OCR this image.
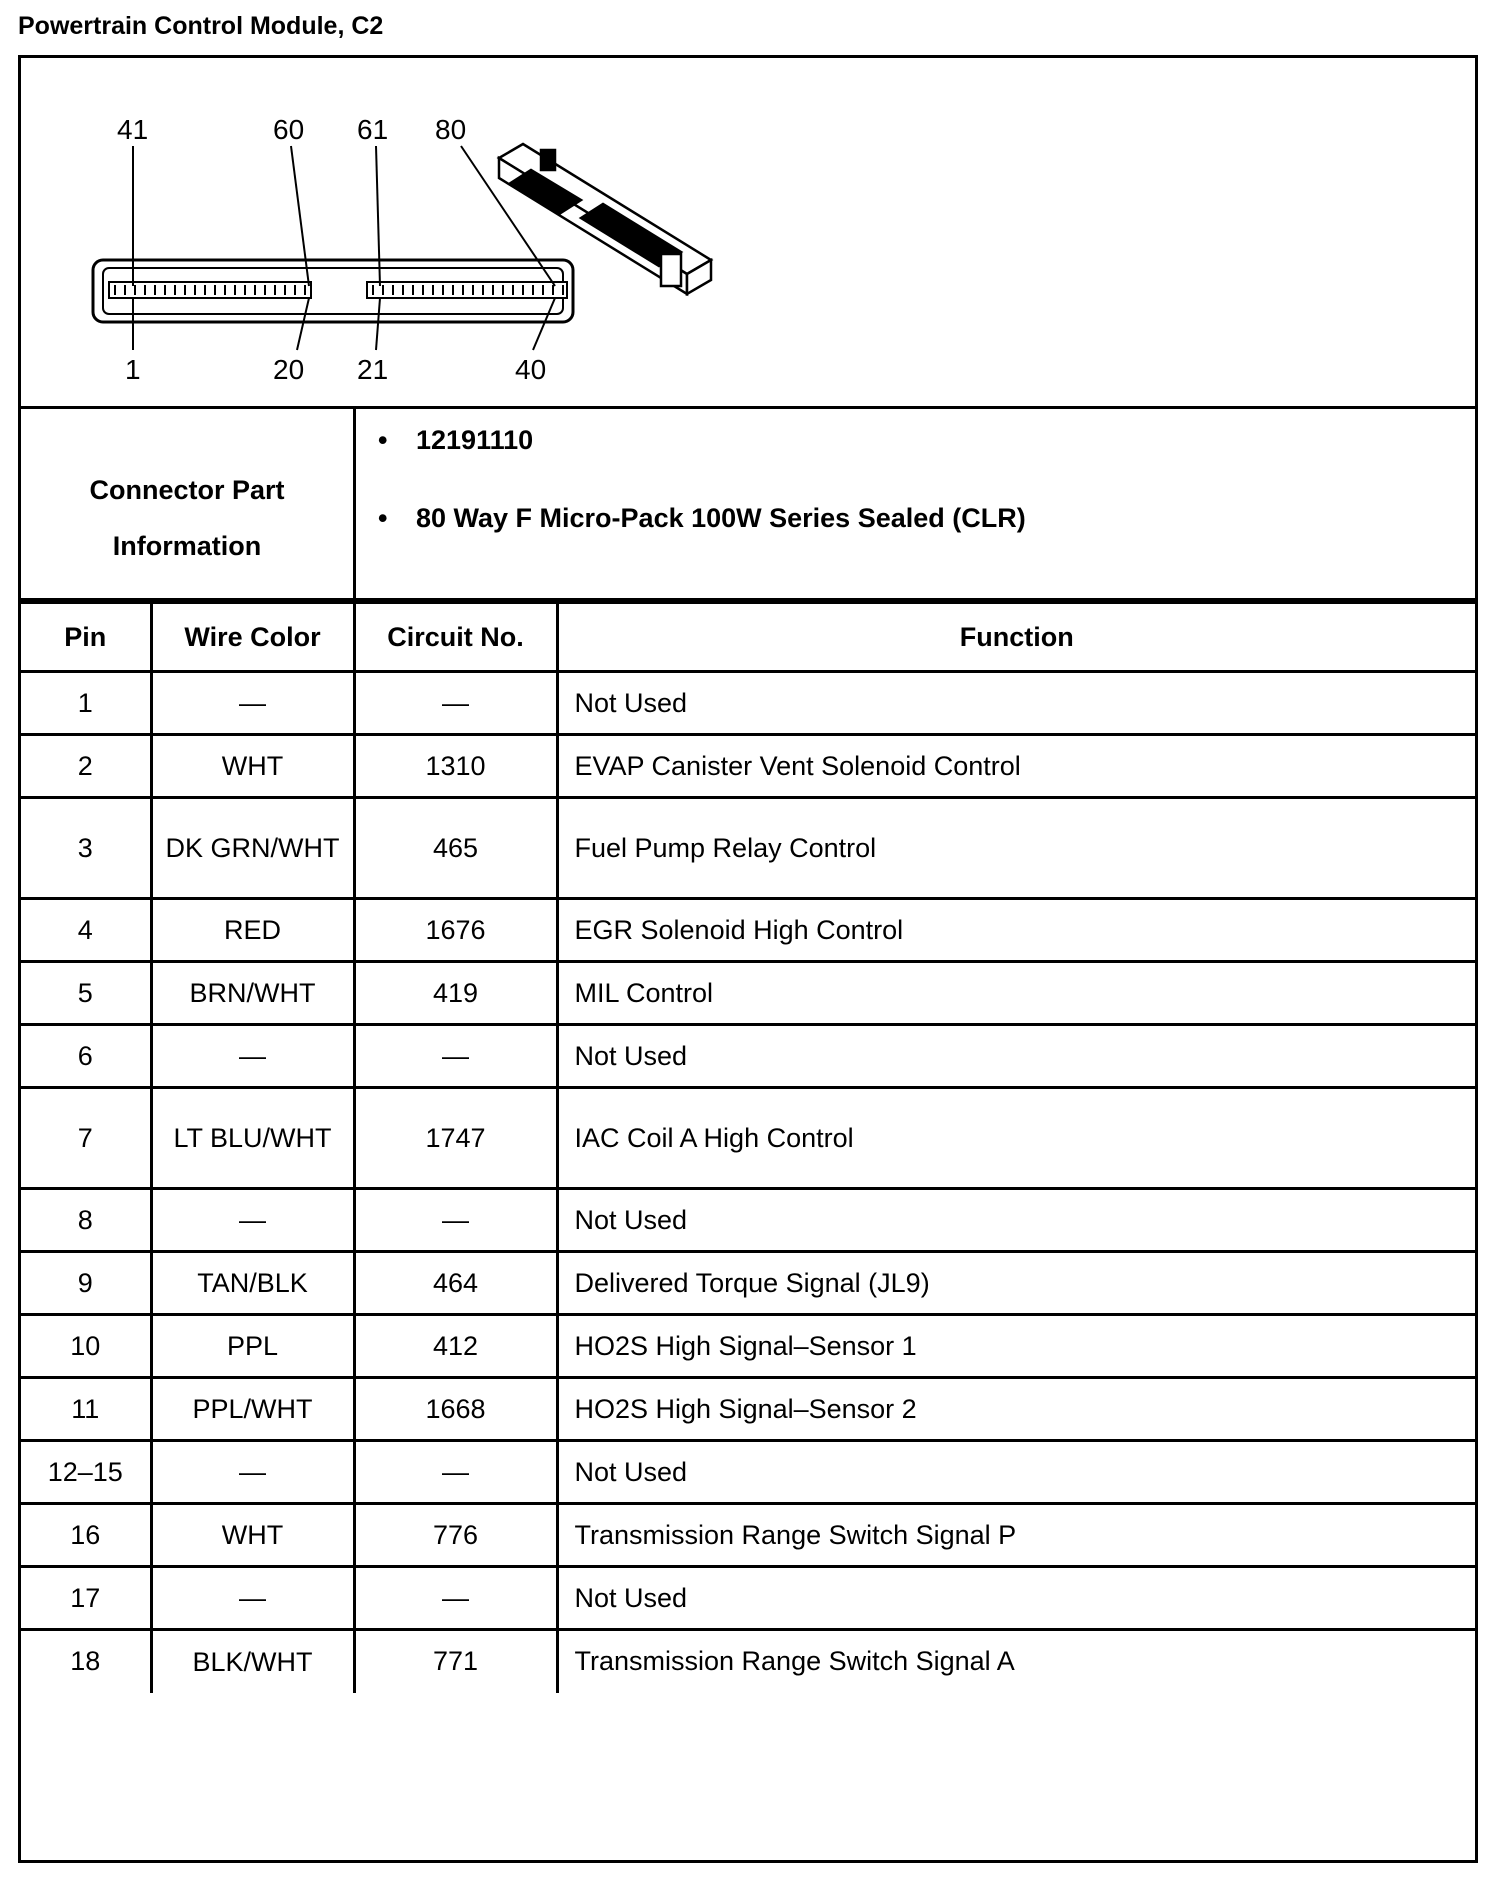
Powertrain Control Module, C2
41	60 61 80
1	20 21	40
Connector Part
Information
• 12191110
• 80 Way F Micro-Pack 100W Series Sealed (CLR)
Pin	Wire Color	Circuit No.	Function
1	—	—	Not Used
2	WHT	1310	EVAP Canister Vent Solenoid Control
3	DK GRN/WHT	465	Fuel Pump Relay Control
4	RED	1676	EGR Solenoid High Control
5	BRN/WHT	419	MIL Control
6	—	—	Not Used
7	LT BLU/WHT	1747	IAC Coil A High Control
8	—	—	Not Used
9	TAN/BLK	464	Delivered Torque Signal (JL9)
10	PPL	412	HO2S High Signal–Sensor 1
11	PPL/WHT	1668	HO2S High Signal–Sensor 2
12–15	—	—	Not Used
16	WHT	776	Transmission Range Switch Signal P
17	—	—	Not Used
18	BLK/WHT	771	Transmission Range Switch Signal A
